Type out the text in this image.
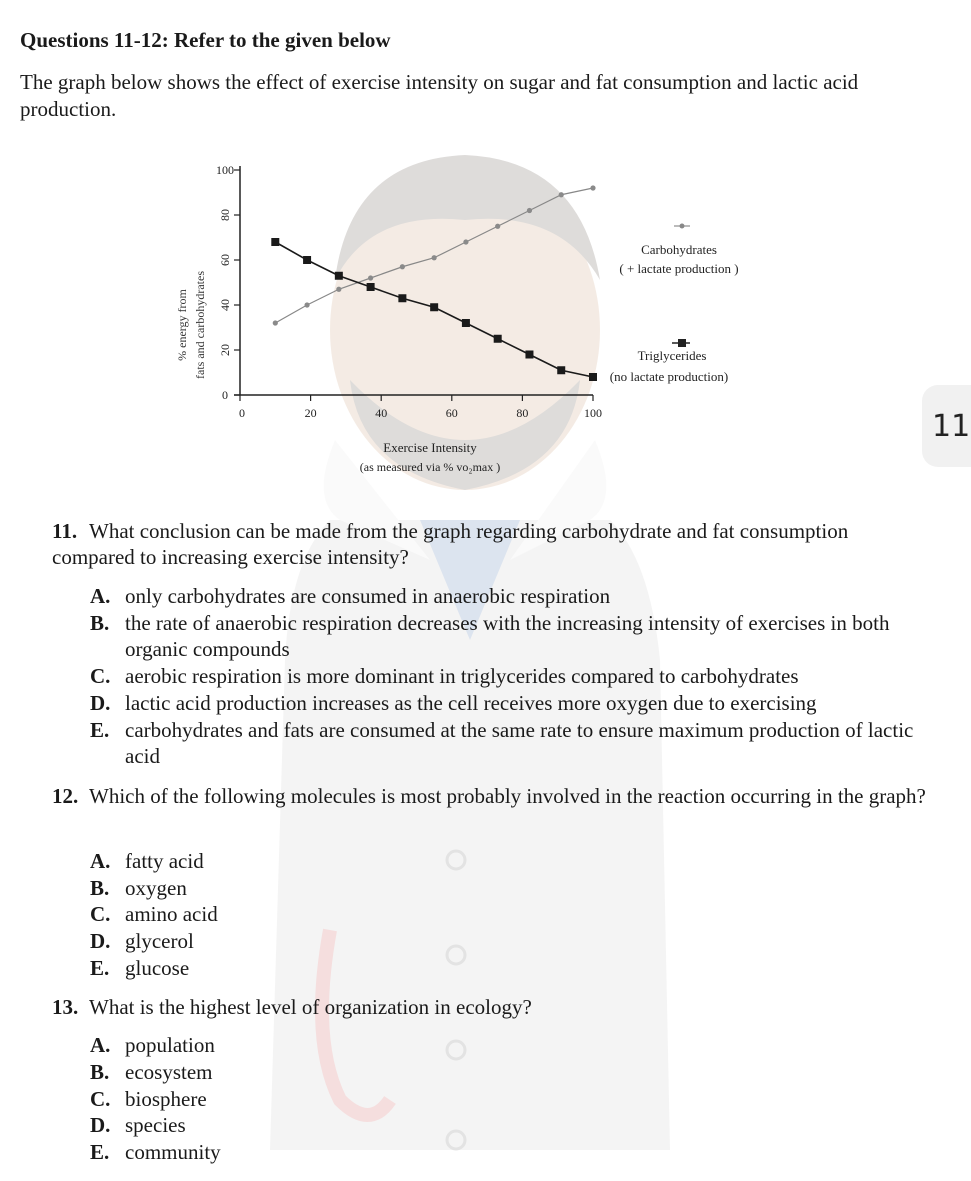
Questions 11-12: Refer to the given below
The graph below shows the effect of exercise intensity on sugar and fat consumption and lactic acid production.
0
20
40
60
80
100
0	20	40	60	80	100
% energy from fats and carbohydrates
Exercise Intensity
(as measured via % vo₂max )
Carbohydrates
( + lactate production )
Triglycerides
(no lactate production)
11
11. What conclusion can be made from the graph regarding carbohydrate and fat consumption compared to increasing exercise intensity?
A. only carbohydrates are consumed in anaerobic respiration
B. the rate of anaerobic respiration decreases with the increasing intensity of exercises in both organic compounds
C. aerobic respiration is more dominant in triglycerides compared to carbohydrates
D. lactic acid production increases as the cell receives more oxygen due to exercising
E. carbohydrates and fats are consumed at the same rate to ensure maximum production of lactic acid
12. Which of the following molecules is most probably involved in the reaction occurring in the graph?
A. fatty acid
B. oxygen
C. amino acid
D. glycerol
E. glucose
13. What is the highest level of organization in ecology?
A. population
B. ecosystem
C. biosphere
D. species
E. community
